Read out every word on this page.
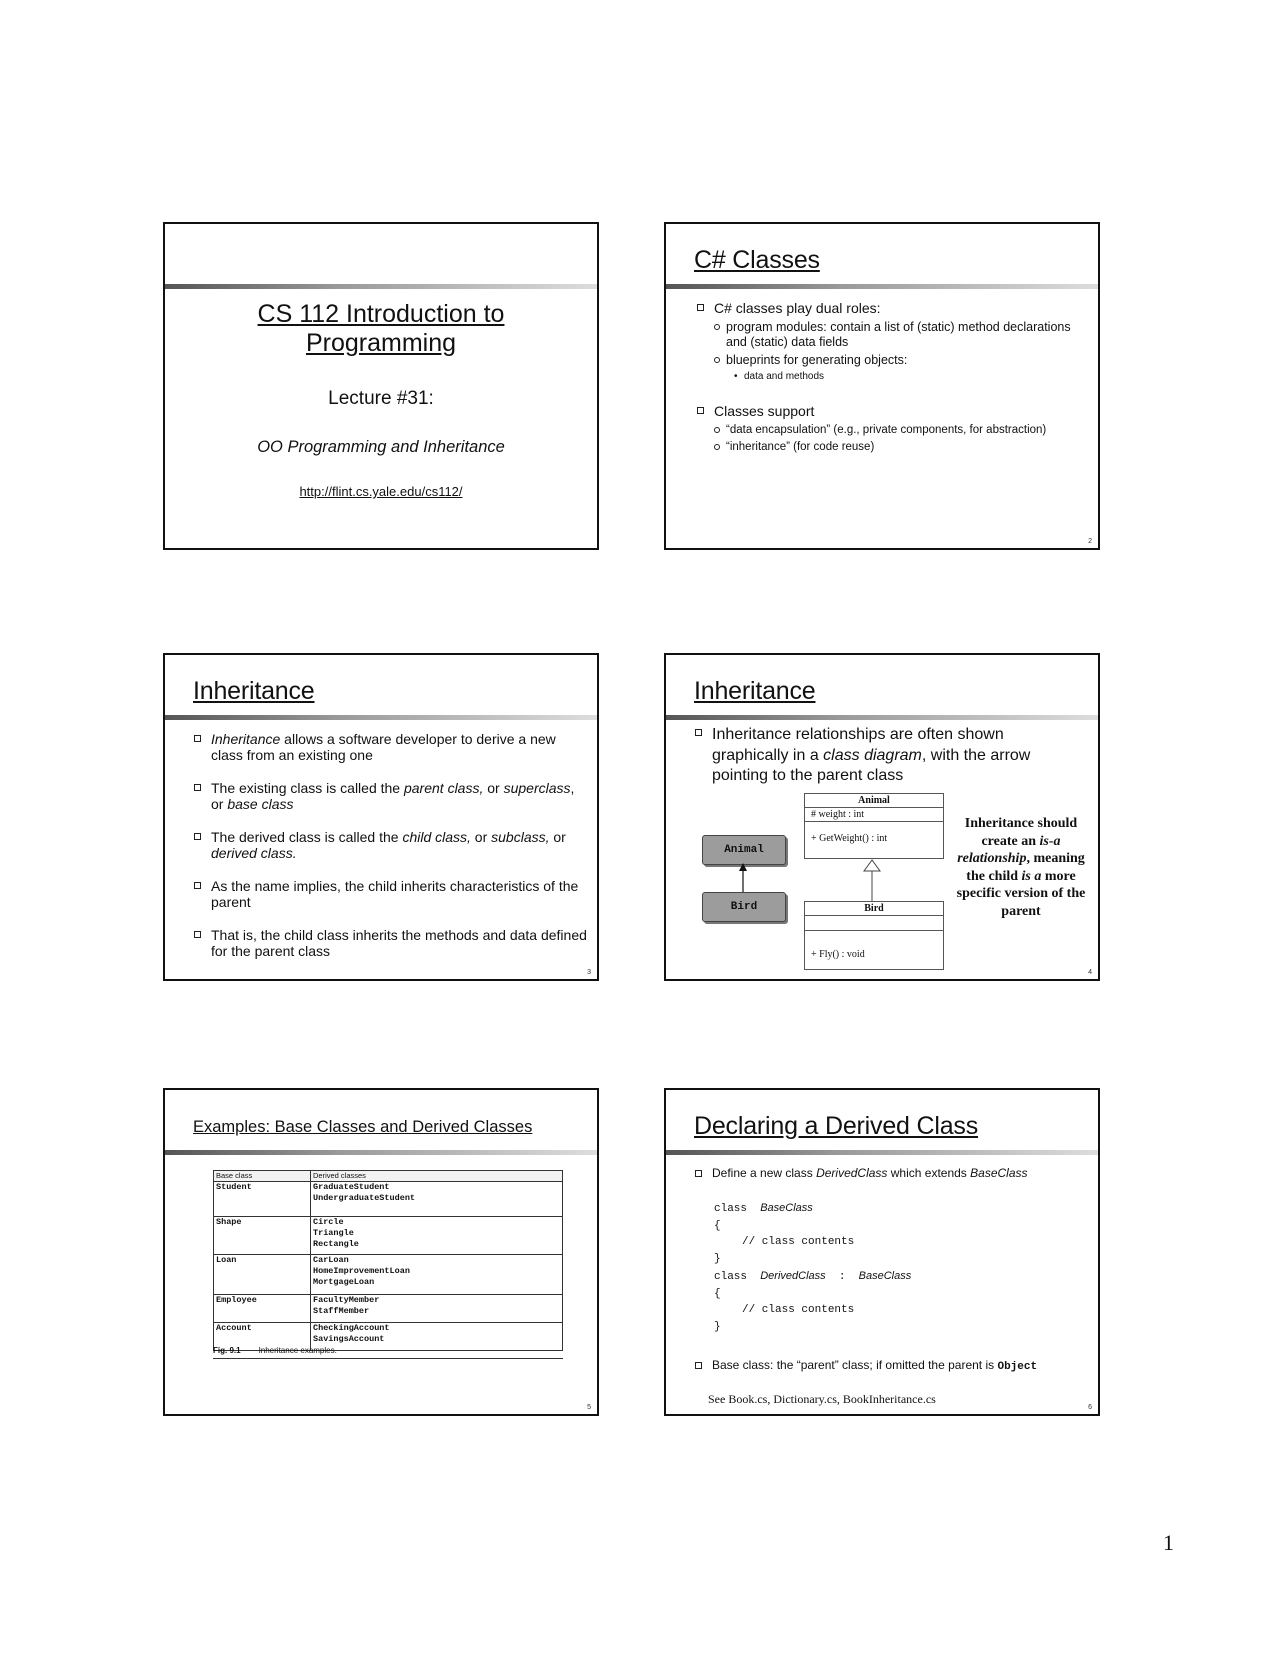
CS 112 Introduction to
Programming
Lecture #31:
OO Programming and Inheritance
http://flint.cs.yale.edu/cs112/
C# Classes
C# classes play dual roles:
program modules: contain a list of (static) method declarations and (static) data fields
blueprints for generating objects:
• data and methods
Classes support
“data encapsulation” (e.g., private components, for abstraction)
“inheritance” (for code reuse)
2
Inheritance
Inheritance allows a software developer to derive a new class from an existing one
The existing class is called the parent class, or superclass, or base class
The derived class is called the child class, or subclass, or derived class.
As the name implies, the child inherits characteristics of the parent
That is, the child class inherits the methods and data defined for the parent class
3
Inheritance
Inheritance relationships are often shown graphically in a class diagram, with the arrow pointing to the parent class
Animal
Bird
Animal
# weight : int
+ GetWeight() : int
Bird
+ Fly() : void
Inheritance should create an is-a relationship, meaning the child is a more specific version of the parent
4
Examples: Base Classes and Derived Classes
Base class	Derived classes
Student	GraduateStudent
UndergraduateStudent

Shape	Circle
Triangle
Rectangle

Loan	CarLoan
HomeImprovementLoan
MortgageLoan

Employee	FacultyMember
StaffMember

Account	CheckingAccount
SavingsAccount
Fig. 9.1 Inheritance examples.
5
Declaring a Derived Class
Define a new class DerivedClass which extends BaseClass
class BaseClass
{
// class contents
}
class DerivedClass : BaseClass
{
// class contents
}
Base class: the “parent” class; if omitted the parent is Object
See Book.cs, Dictionary.cs, BookInheritance.cs
6
1
